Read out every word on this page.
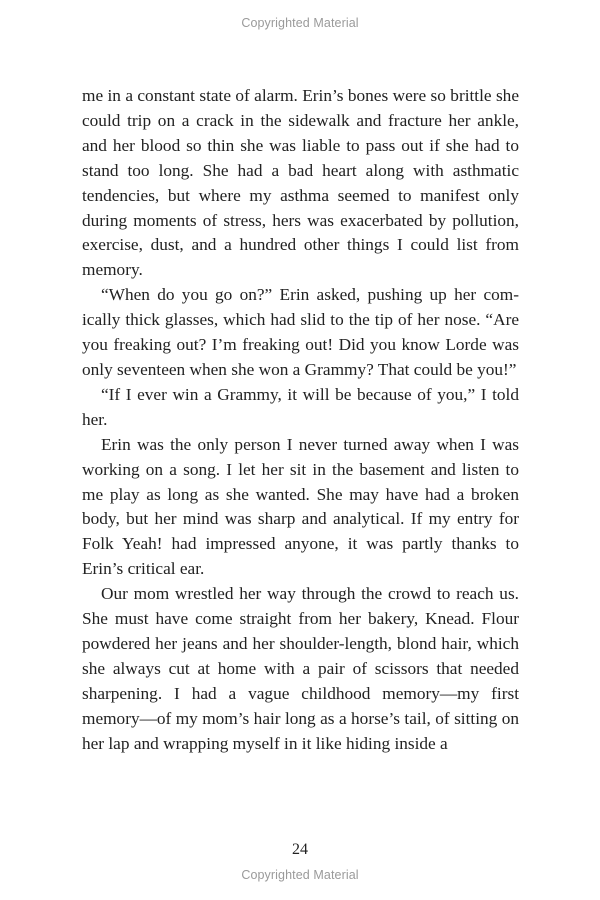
Copyrighted Material

me in a constant state of alarm. Erin’s bones were so brittle she could trip on a crack in the sidewalk and fracture her ankle, and her blood so thin she was liable to pass out if she had to stand too long. She had a bad heart along with asthmatic tendencies, but where my asthma seemed to manifest only during moments of stress, hers was exacerbated by pollution, exercise, dust, and a hundred other things I could list from memory.

“When do you go on?” Erin asked, pushing up her comically thick glasses, which had slid to the tip of her nose. “Are you freaking out? I’m freaking out! Did you know Lorde was only seventeen when she won a Grammy? That could be you!”

“If I ever win a Grammy, it will be because of you,” I told her.

Erin was the only person I never turned away when I was working on a song. I let her sit in the basement and listen to me play as long as she wanted. She may have had a broken body, but her mind was sharp and analytical. If my entry for Folk Yeah! had impressed anyone, it was partly thanks to Erin’s critical ear.

Our mom wrestled her way through the crowd to reach us. She must have come straight from her bakery, Knead. Flour powdered her jeans and her shoulder-length, blond hair, which she always cut at home with a pair of scissors that needed sharpening. I had a vague childhood memory—my first memory—of my mom’s hair long as a horse’s tail, of sitting on her lap and wrapping myself in it like hiding inside a

24
Copyrighted Material
